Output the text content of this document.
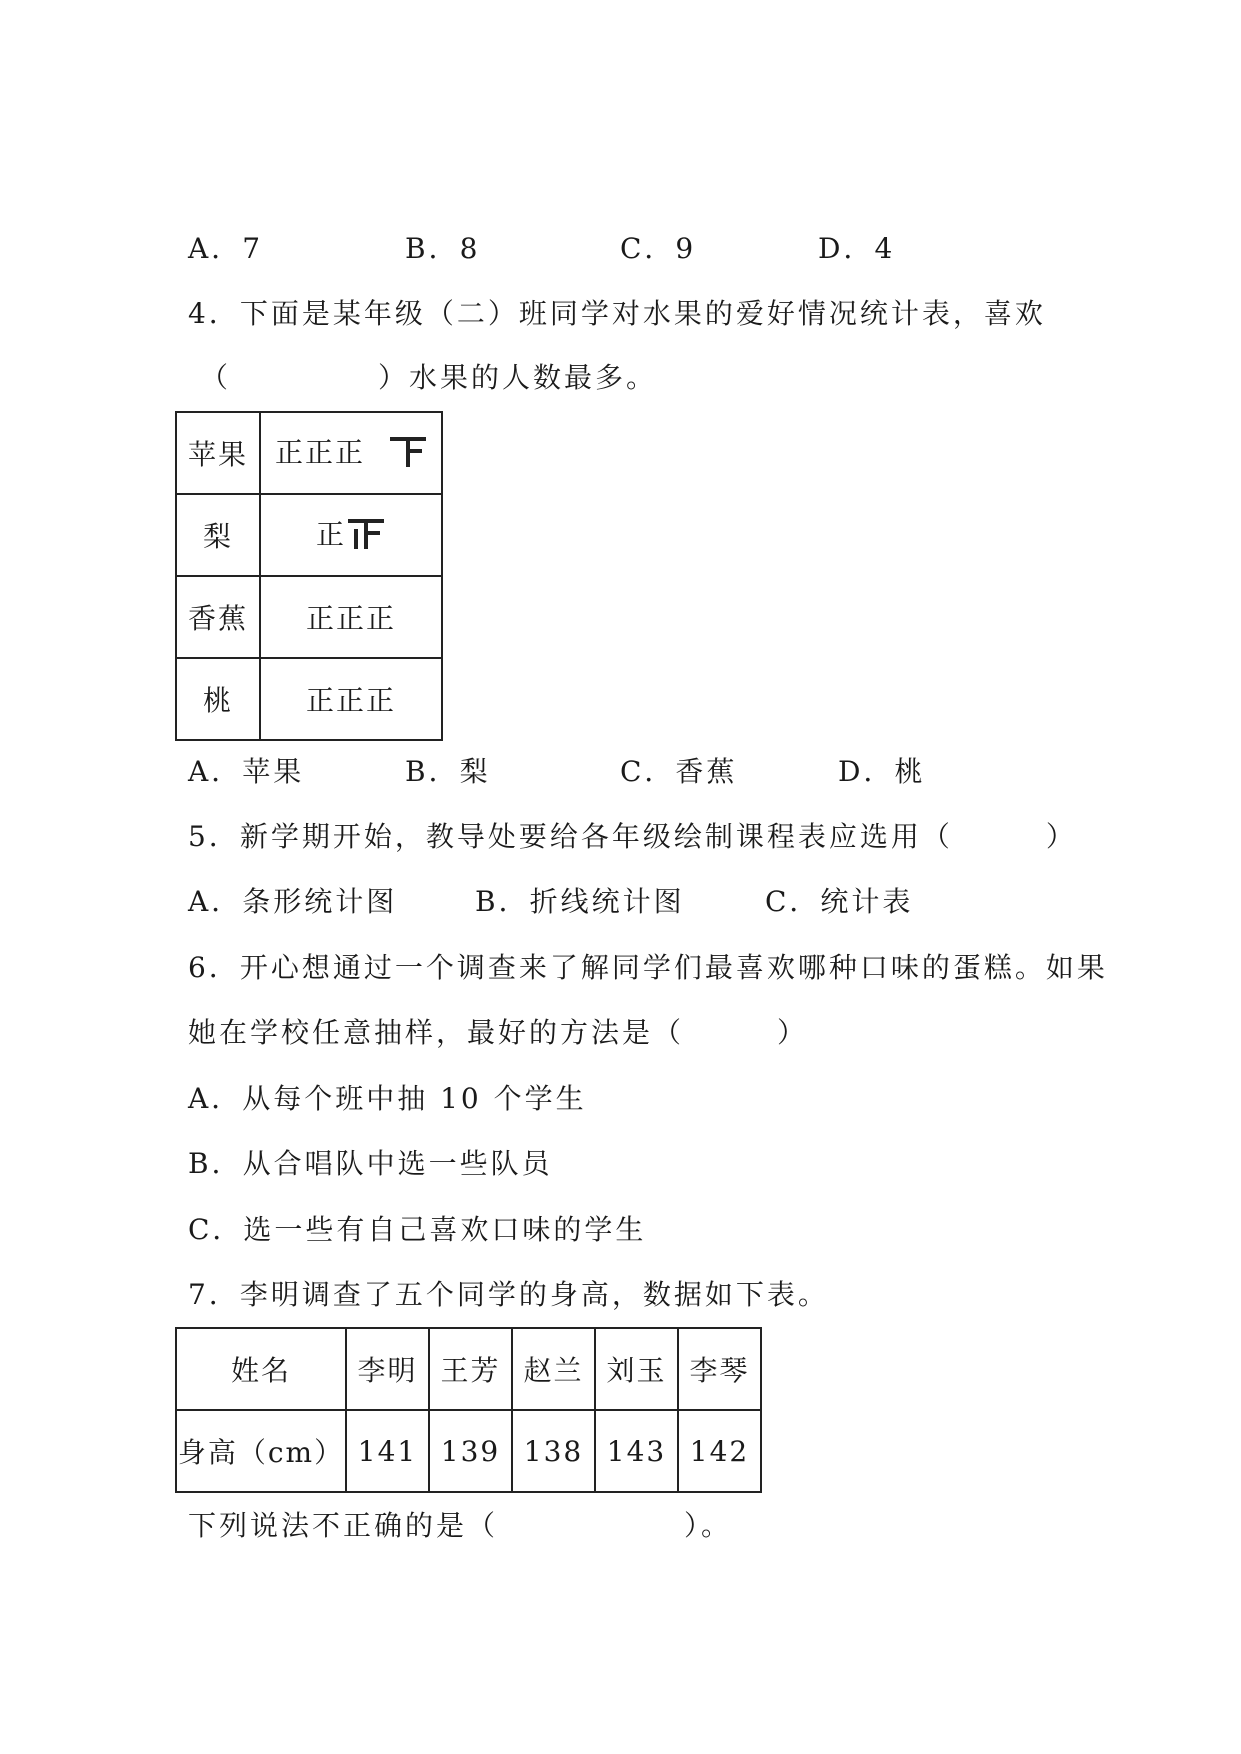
A．7	B．8	C．9	D．4
4．下面是某年级（二）班同学对水果的爱好情况统计表，喜欢
（	）水果的人数最多。
苹果	正正正
梨	正
香蕉	正正正
桃	正正正
A．苹果	B．梨	C．香蕉	D．桃
5．新学期开始，教导处要给各年级绘制课程表应选用（　　　）
A．条形统计图	B．折线统计图	C．统计表
6．开心想通过一个调查来了解同学们最喜欢哪种口味的蛋糕。如果
她在学校任意抽样，最好的方法是（　　　）
A．从每个班中抽 10 个学生
B．从合唱队中选一些队员
C．选一些有自己喜欢口味的学生
7．李明调查了五个同学的身高，数据如下表。
姓名	李明	王芳	赵兰	刘玉	李琴
身高（cm）	141	139	138	143	142
下列说法不正确的是（　　　　　　）。
